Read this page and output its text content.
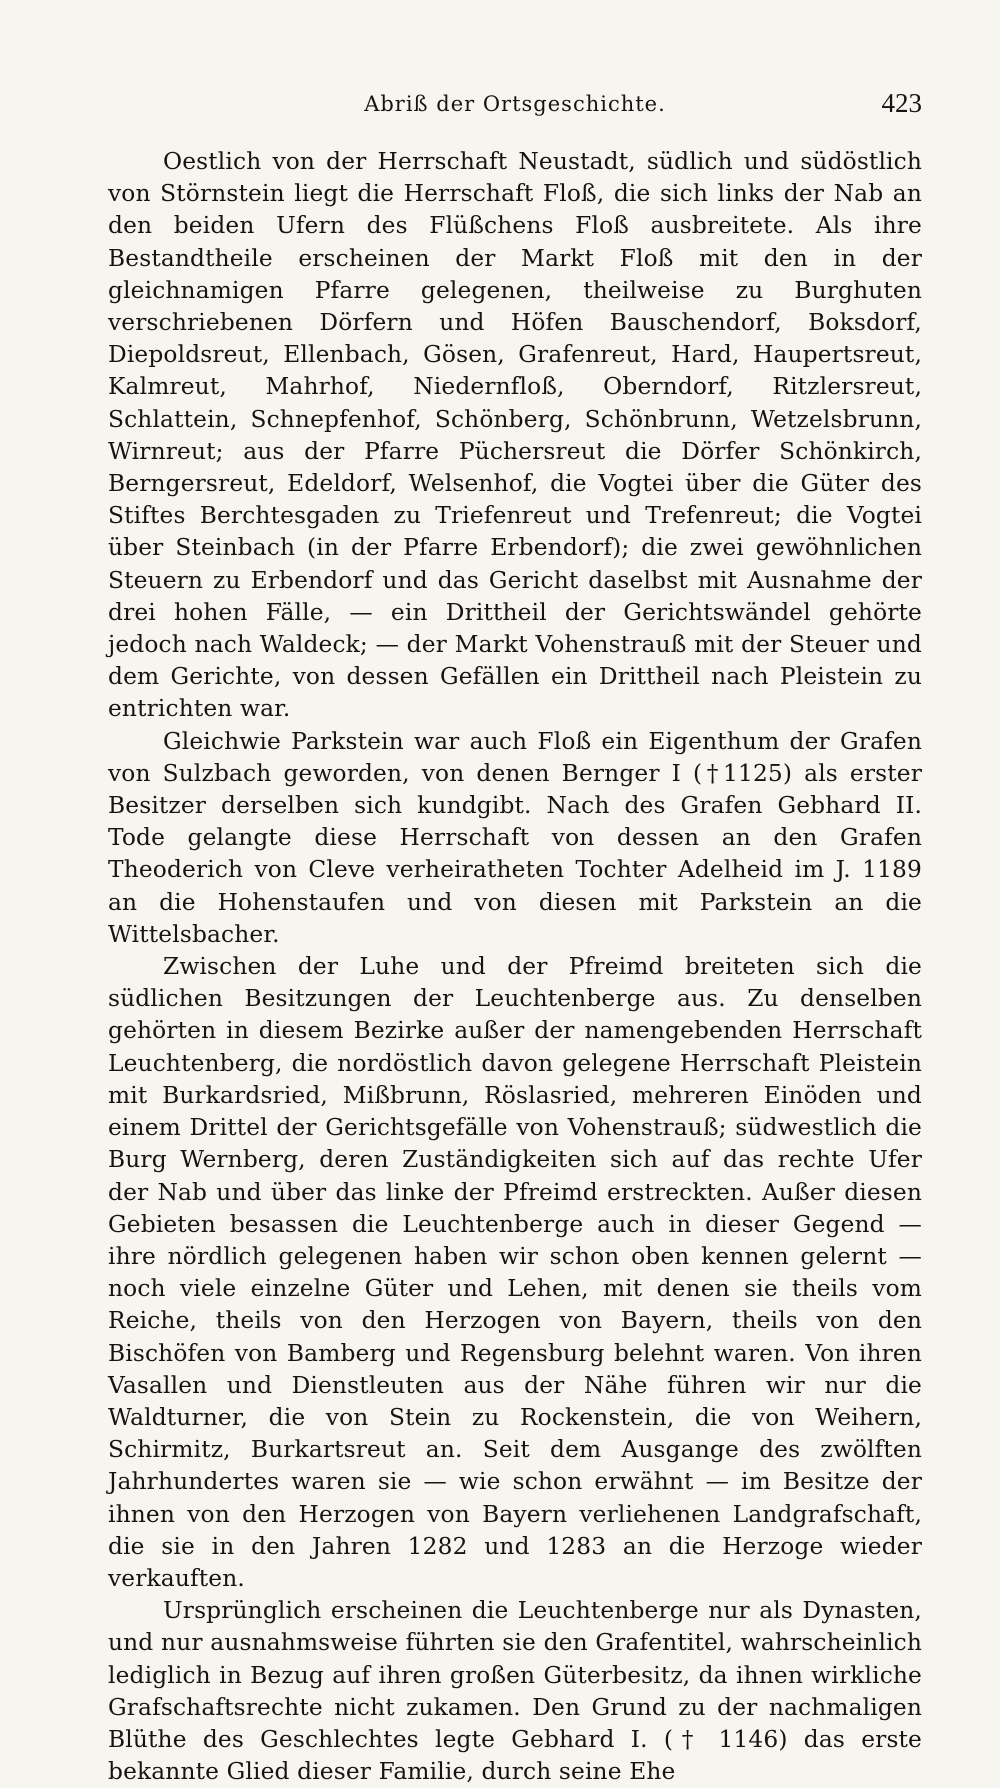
Abriß der Ortsgeschichte.	423

Oestlich von der Herrschaft Neustadt, südlich und südöstlich von Störnstein liegt die Herrschaft Floß, die sich links der Nab an den beiden Ufern des Flüßchens Floß ausbreitete. Als ihre Bestandtheile erscheinen der Markt Floß mit den in der gleichnamigen Pfarre gelegenen, theilweise zu Burghuten verschriebenen Dörfern und Höfen Bauschendorf, Boksdorf, Diepoldsreut, Ellenbach, Gösen, Grafenreut, Hard, Haupertsreut, Kalmreut, Mahrhof, Niedernfloß, Oberndorf, Ritzlersreut, Schlattein, Schnepfenhof, Schönberg, Schönbrunn, Wetzelsbrunn, Wirnreut; aus der Pfarre Püchersreut die Dörfer Schönkirch, Berngersreut, Edeldorf, Welsenhof, die Vogtei über die Güter des Stiftes Berchtesgaden zu Triefenreut und Trefenreut; die Vogtei über Steinbach (in der Pfarre Erbendorf); die zwei gewöhnlichen Steuern zu Erbendorf und das Gericht daselbst mit Ausnahme der drei hohen Fälle, — ein Drittheil der Gerichtswändel gehörte jedoch nach Waldeck; — der Markt Vohenstrauß mit der Steuer und dem Gerichte, von dessen Gefällen ein Drittheil nach Pleistein zu entrichten war.

Gleichwie Parkstein war auch Floß ein Eigenthum der Grafen von Sulzbach geworden, von denen Bernger I (†1125) als erster Besitzer derselben sich kundgibt. Nach des Grafen Gebhard II. Tode gelangte diese Herrschaft von dessen an den Grafen Theoderich von Cleve verheiratheten Tochter Adelheid im J. 1189 an die Hohenstaufen und von diesen mit Parkstein an die Wittelsbacher.

Zwischen der Luhe und der Pfreimd breiteten sich die südlichen Besitzungen der Leuchtenberge aus. Zu denselben gehörten in diesem Bezirke außer der namengebenden Herrschaft Leuchtenberg, die nordöstlich davon gelegene Herrschaft Pleistein mit Burkardsried, Mißbrunn, Röslasried, mehreren Einöden und einem Drittel der Gerichtsgefälle von Vohenstrauß; südwestlich die Burg Wernberg, deren Zuständigkeiten sich auf das rechte Ufer der Nab und über das linke der Pfreimd erstreckten. Außer diesen Gebieten besassen die Leuchtenberge auch in dieser Gegend — ihre nördlich gelegenen haben wir schon oben kennen gelernt — noch viele einzelne Güter und Lehen, mit denen sie theils vom Reiche, theils von den Herzogen von Bayern, theils von den Bischöfen von Bamberg und Regensburg belehnt waren. Von ihren Vasallen und Dienstleuten aus der Nähe führen wir nur die Waldturner, die von Stein zu Rockenstein, die von Weihern, Schirmitz, Burkartsreut an. Seit dem Ausgange des zwölften Jahrhundertes waren sie — wie schon erwähnt — im Besitze der ihnen von den Herzogen von Bayern verliehenen Landgrafschaft, die sie in den Jahren 1282 und 1283 an die Herzoge wieder verkauften.

Ursprünglich erscheinen die Leuchtenberge nur als Dynasten, und nur ausnahmsweise führten sie den Grafentitel, wahrscheinlich lediglich in Bezug auf ihren großen Güterbesitz, da ihnen wirkliche Grafschaftsrechte nicht zukamen. Den Grund zu der nachmaligen Blüthe des Geschlechtes legte Gebhard I. († 1146) das erste bekannte Glied dieser Familie, durch seine Ehe
